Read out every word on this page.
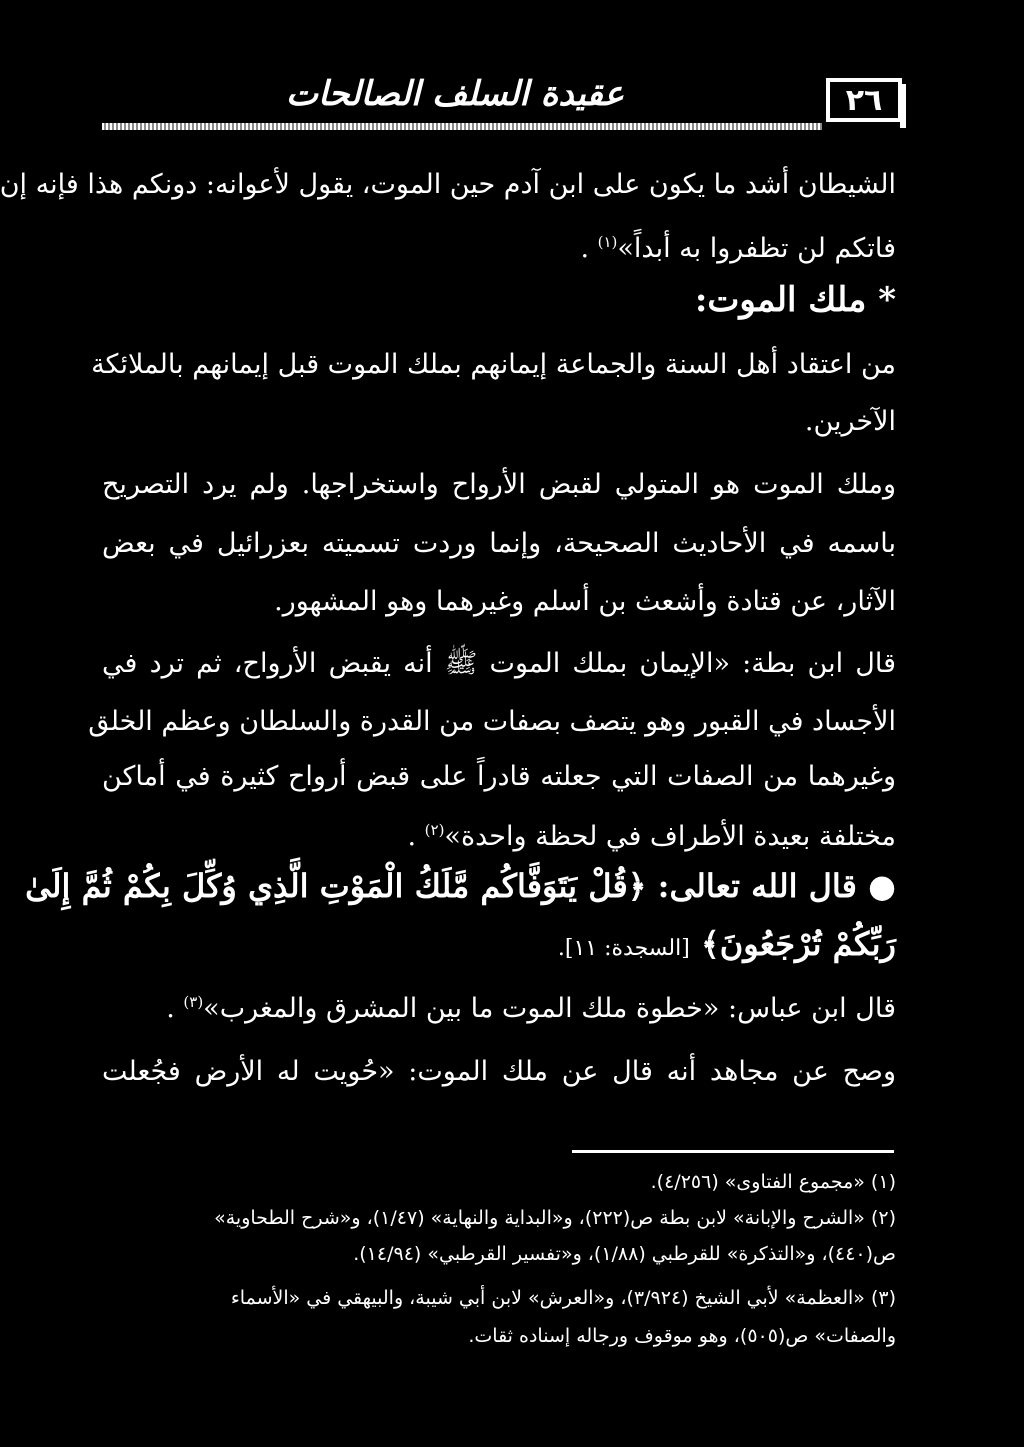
عقيدة السلف الصالحات	٢٦
الشيطان أشد ما يكون على ابن آدم حين الموت، يقول لأعوانه: دونكم هذا فإنه إن
فاتكم لن تظفروا به أبداً»$^{(١)}$ .
* ملك الموت:
من اعتقاد أهل السنة والجماعة إيمانهم بملك الموت قبل إيمانهم بالملائكة
الآخرين.
وملك الموت هو المتولي لقبض الأرواح واستخراجها. ولم يرد التصريح
باسمه في الأحاديث الصحيحة، وإنما وردت تسميته بعزرائيل في بعض
الآثار، عن قتادة وأشعث بن أسلم وغيرهما وهو المشهور.
قال ابن بطة: «الإيمان بملك الموت ﷺ أنه يقبض الأرواح، ثم ترد في
الأجساد في القبور وهو يتصف بصفات من القدرة والسلطان وعظم الخلق
وغيرهما من الصفات التي جعلته قادراً على قبض أرواح كثيرة في أماكن
مختلفة بعيدة الأطراف في لحظة واحدة»$^{(٢)}$ .
● قال الله تعالى: ﴿قُلْ يَتَوَفَّاكُم مَّلَكُ الْمَوْتِ الَّذِي وُكِّلَ بِكُمْ ثُمَّ إِلَىٰ
رَبِّكُمْ تُرْجَعُونَ﴾ [السجدة: ١١].
قال ابن عباس: «خطوة ملك الموت ما بين المشرق والمغرب»$^{(٣)}$ .
وصح عن مجاهد أنه قال عن ملك الموت: «حُويت له الأرض فجُعلت
(١) «مجموع الفتاوى» (٤/٢٥٦).
(٢) «الشرح والإبانة» لابن بطة ص(٢٢٢)، و«البداية والنهاية» (١/٤٧)، و«شرح الطحاوية»
ص(٤٤٠)، و«التذكرة» للقرطبي (١/٨٨)، و«تفسير القرطبي» (١٤/٩٤).
(٣) «العظمة» لأبي الشيخ (٣/٩٢٤)، و«العرش» لابن أبي شيبة، والبيهقي في «الأسماء
والصفات» ص(٥٠٥)، وهو موقوف ورجاله إسناده ثقات.
